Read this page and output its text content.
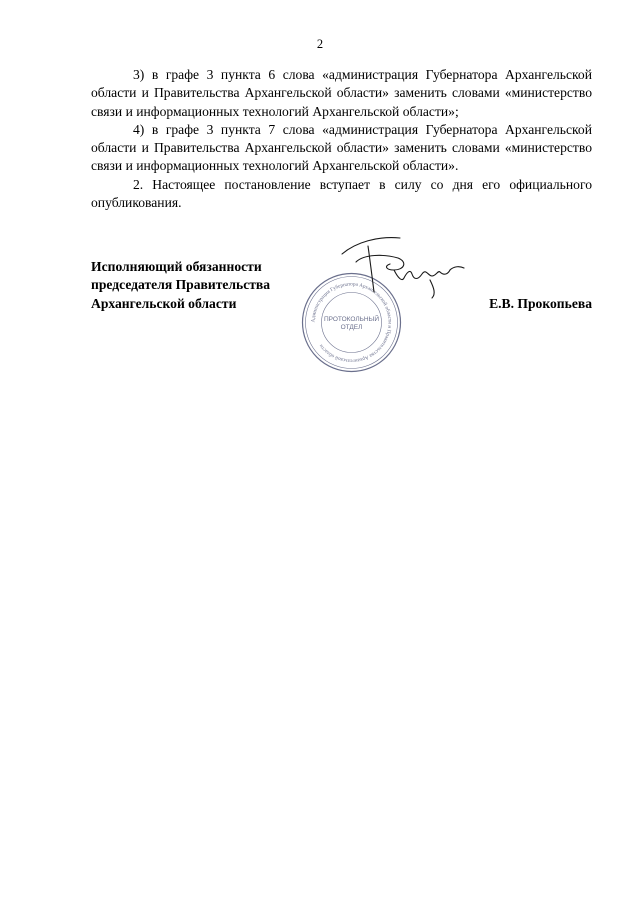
2

3) в графе 3 пункта 6 слова «администрация Губернатора Архангельской области и Правительства Архангельской области» заменить словами «министерство связи и информационных технологий Архангельской области»;

4) в графе 3 пункта 7 слова «администрация Губернатора Архангельской области и Правительства Архангельской области» заменить словами «министерство связи и информационных технологий Архангельской области».

2. Настоящее постановление вступает в силу со дня его официального опубликования.

Исполняющий обязанности
председателя Правительства
Архангельской области	Е.В. Прокопьева
Администрация Губернатора Архангельской области и Правительства Архангельской области
ПРОТОКОЛЬНЫЙ
ОТДЕЛ
